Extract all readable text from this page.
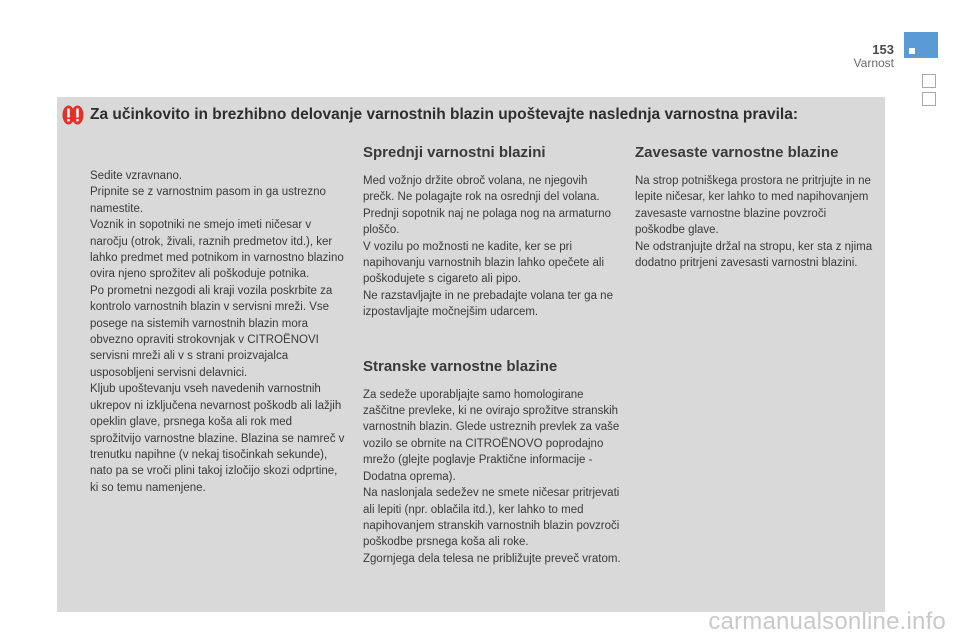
153
Varnost
Za učinkovito in brezhibno delovanje varnostnih blazin upoštevajte naslednja varnostna pravila:

Sedite vzravnano.

Pripnite se z varnostnim pasom in ga ustrezno namestite.

Voznik in sopotniki ne smejo imeti ničesar v naročju (otrok, živali, raznih predmetov itd.), ker lahko predmet med potnikom in varnostno blazino ovira njeno sprožitev ali poškoduje potnika.

Po prometni nezgodi ali kraji vozila poskrbite za kontrolo varnostnih blazin v servisni mreži. Vse posege na sistemih varnostnih blazin mora obvezno opraviti strokovnjak v CITROËNOVI servisni mreži ali v s strani proizvajalca usposobljeni servisni delavnici.

Kljub upoštevanju vseh navedenih varnostnih ukrepov ni izključena nevarnost poškodb ali lažjih opeklin glave, prsnega koša ali rok med sprožitvijo varnostne blazine. Blazina se namreč v trenutku napihne (v nekaj tisočinkah sekunde), nato pa se vroči plini takoj izločijo skozi odprtine, ki so temu namenjene.

Sprednji varnostni blazini

Med vožnjo držite obroč volana, ne njegovih prečk. Ne polagajte rok na osrednji del volana.

Prednji sopotnik naj ne polaga nog na armaturno ploščo.

V vozilu po možnosti ne kadite, ker se pri napihovanju varnostnih blazin lahko opečete ali poškodujete s cigareto ali pipo.

Ne razstavljajte in ne prebadajte volana ter ga ne izpostavljajte močnejšim udarcem.

Stranske varnostne blazine

Za sedeže uporabljajte samo homologirane zaščitne prevleke, ki ne ovirajo sprožitve stranskih varnostnih blazin. Glede ustreznih prevlek za vaše vozilo se obrnite na CITROËNOVO poprodajno mrežo (glejte poglavje Praktične informacije - Dodatna oprema).

Na naslonjala sedežev ne smete ničesar pritrjevati ali lepiti (npr. oblačila itd.), ker lahko to med napihovanjem stranskih varnostnih blazin povzroči poškodbe prsnega koša ali roke.

Zgornjega dela telesa ne približujte preveč vratom.

Zavesaste varnostne blazine

Na strop potniškega prostora ne pritrjujte in ne lepite ničesar, ker lahko to med napihovanjem zavesaste varnostne blazine povzroči poškodbe glave.

Ne odstranjujte držal na stropu, ker sta z njima dodatno pritrjeni zavesasti varnostni blazini.

carmanualsonline.info
